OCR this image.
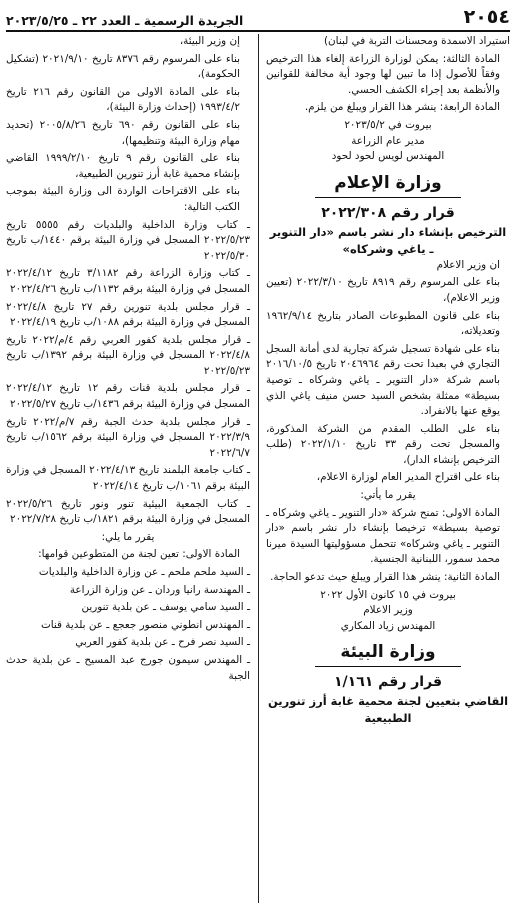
٢٠٥٤
الجريدة الرسمية ـ العدد ٢٢ ـ ٢٠٢٣/٥/٢٥

استيراد الاسمدة ومحسنات التربة في لبنان)

المادة الثالثة: يمكن لوزارة الزراعة إلغاء هذا الترخيص وفقاً للأصول إذا ما تبين لها وجود أية مخالفة للقوانين والأنظمة بعد إجراء الكشف الحسي.

المادة الرابعة: ينشر هذا القرار ويبلغ من يلزم.

بيروت في ٢٠٢٣/٥/٢
مدير عام الزراعة
المهندس لويس لحود لحود
وزارة الإعلام
قرار رقم ٢٠٢٢/٣٠٨
الترخيص بإنشاء دار نشر باسم «دار التنوير ـ ياغي وشركاه»

ان وزير الاعلام

بناء على المرسوم رقم ٨٩١٩ تاريخ ٢٠٢٢/٣/١٠ (تعيين وزير الاعلام)،

بناء على قانون المطبوعات الصادر بتاريخ ١٩٦٢/٩/١٤ وتعديلاته،

بناء على شهادة تسجيل شركة تجارية لدى أمانة السجل التجاري في بعبدا تحت رقم ٢٠٤٦٩٦٤ تاريخ ٢٠١٦/١٠/٥ باسم شركة «دار التنوير ـ ياغي وشركاه ـ توصية بسيطة» ممثلة بشخص السيد حسن منيف ياغي الذي يوقع عنها بالانفراد.

بناء على الطلب المقدم من الشركة المذكورة، والمسجل تحت رقم ٣٣ تاريخ ٢٠٢٢/١/١٠ (طلب الترخيص بإنشاء الدار)،

بناء على اقتراح المدير العام لوزارة الاعلام،

يقرر ما يأتي:

المادة الاولى: تمنح شركة «دار التنوير ـ ياغي وشركاه ـ توصية بسيطة» ترخيصا بإنشاء دار نشر باسم «دار التنوير ـ ياغي وشركاه» تتحمل مسؤوليتها السيدة ميرنا محمد سمور، اللبنانية الجنسية.

المادة الثانية: ينشر هذا القرار ويبلغ حيث تدعو الحاجة.

بيروت في ١٥ كانون الأول ٢٠٢٢
وزير الاعلام
المهندس زياد المكاري
وزارة البيئة
قرار رقم ١/١٦١
القاضي بتعيين لجنة محمية غابة أرز تنورين الطبيعية

إن وزير البيئة،

بناء على المرسوم رقم ٨٣٧٦ تاريخ ٢٠٢١/٩/١٠ (تشكيل الحكومة)،

بناء على المادة الاولى من القانون رقم ٢١٦ تاريخ ١٩٩٣/٤/٢ (إحداث وزارة البيئة)،

بناء على القانون رقم ٦٩٠ تاريخ ٢٠٠٥/٨/٢٦ (تحديد مهام وزارة البيئة وتنظيمها)،

بناء على القانون رقم ٩ تاريخ ١٩٩٩/٢/١٠ القاضي بإنشاء محمية غابة أرز تنورين الطبيعية،

بناء على الاقتراحات الواردة الى وزارة البيئة بموجب الكتب التالية:

ـ كتاب وزارة الداخلية والبلديات رقم ٥٥٥٥ تاريخ ٢٠٢٢/٥/٢٣ المسجل في وزارة البيئة برقم ١٤٤٠/ب تاريخ ٢٠٢٢/٥/٣٠

ـ كتاب وزارة الزراعة رقم ٣/١١٨٢ تاريخ ٢٠٢٢/٤/١٢ المسجل في وزارة البيئة برقم ١١٣٢/ب تاريخ ٢٠٢٢/٤/٢٦

ـ قرار مجلس بلدية تنورين رقم ٢٧ تاريخ ٢٠٢٢/٤/٨ المسجل في وزارة البيئة برقم ١٠٨٨/ب تاريخ ٢٠٢٢/٤/١٩

ـ قرار مجلس بلدية كفور العربي رقم ٤/م/٢٠٢٢ تاريخ ٢٠٢٢/٤/٨ المسجل في وزارة البيئة برقم ١٣٩٢/ب تاريخ ٢٠٢٢/٥/٢٣

ـ قرار مجلس بلدية قنات رقم ١٢ تاريخ ٢٠٢٢/٤/١٢ المسجل في وزارة البيئة برقم ١٤٣٦/ب تاريخ ٢٠٢٢/٥/٢٧

ـ قرار مجلس بلدية حدث الجبة رقم ٧/م/٢٠٢٢ تاريخ ٢٠٢٢/٣/٩ المسجل في وزارة البيئة برقم ١٥٦٢/ب تاريخ ٢٠٢٢/٦/٧

ـ كتاب جامعة البلمند تاريخ ٢٠٢٢/٤/١٣ المسجل في وزارة البيئة برقم ١٠٦١/ب تاريخ ٢٠٢٢/٤/١٤

ـ كتاب الجمعية البيئية تنور ونور تاريخ ٢٠٢٢/٥/٢٦ المسجل في وزارة البيئة برقم ١٨٢١/ب تاريخ ٢٠٢٢/٧/٢٨

يقرر ما يلي:

المادة الاولى: تعين لجنة من المتطوعين قوامها:

ـ السيد ملحم ملحم ـ عن وزارة الداخلية والبلديات

ـ المهندسة رانيا وردان ـ عن وزارة الزراعة

ـ السيد سامي يوسف ـ عن بلدية تنورين

ـ المهندس انطوني منصور جعجع ـ عن بلدية قنات

ـ السيد نصر فرح ـ عن بلدية كفور العربي

ـ المهندس سيمون جورج عبد المسيح ـ عن بلدية حدث الجبة
